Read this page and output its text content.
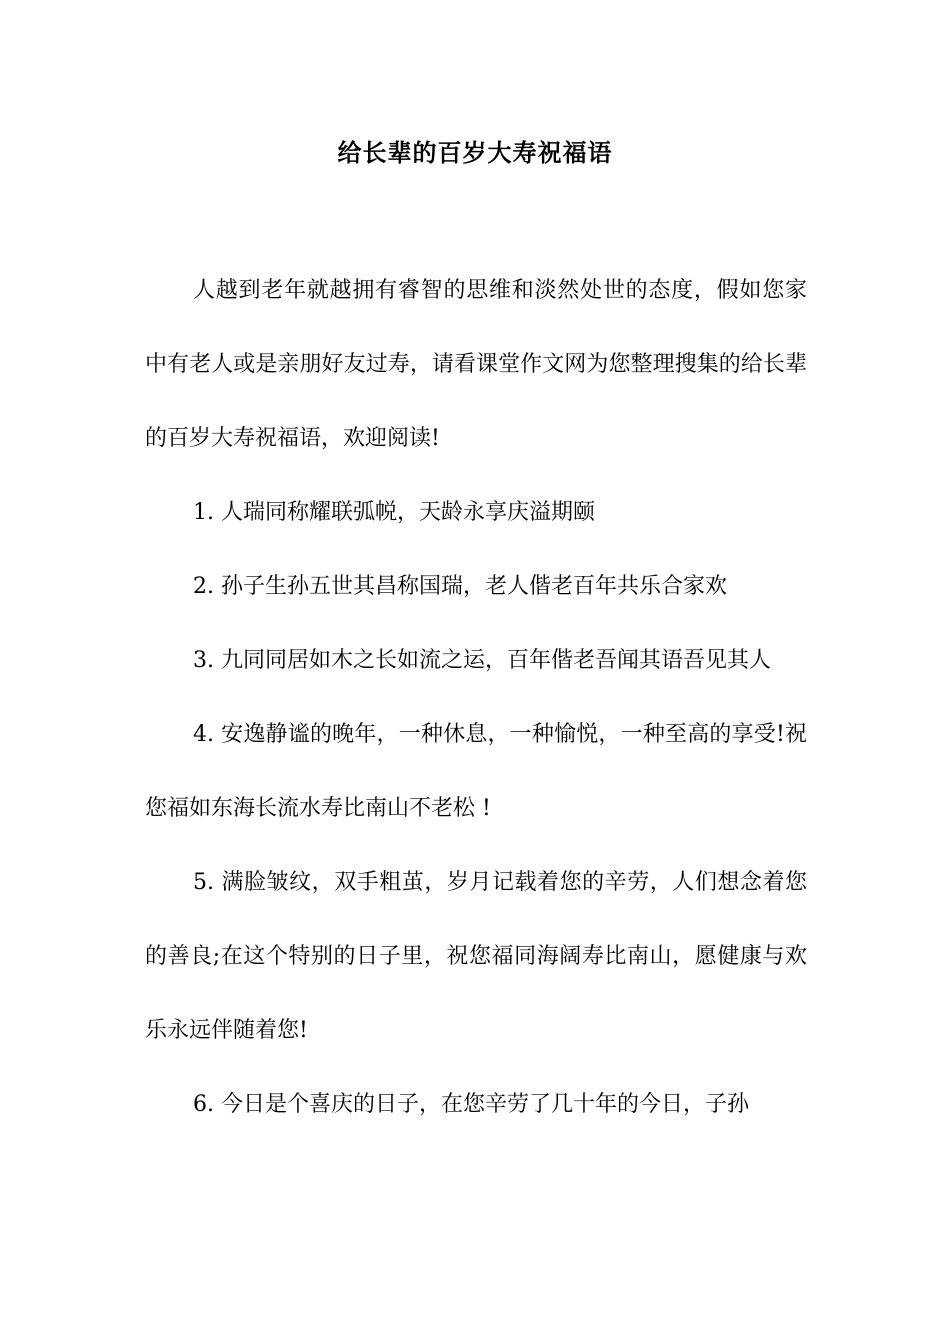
给长辈的百岁大寿祝福语

人越到老年就越拥有睿智的思维和淡然处世的态度，假如您家中有老人或是亲朋好友过寿，请看课堂作文网为您整理搜集的给长辈的百岁大寿祝福语，欢迎阅读!

1. 人瑞同称耀联弧帨，天龄永享庆溢期颐

2. 孙子生孙五世其昌称国瑞，老人偕老百年共乐合家欢

3. 九同同居如木之长如流之运，百年偕老吾闻其语吾见其人

4. 安逸静谧的晚年，一种休息，一种愉悦，一种至高的享受!祝您福如东海长流水寿比南山不老松 !

5. 满脸皱纹，双手粗茧，岁月记载着您的辛劳，人们想念着您的善良;在这个特别的日子里，祝您福同海阔寿比南山，愿健康与欢乐永远伴随着您!

6. 今日是个喜庆的日子，在您辛劳了几十年的今日，子孙
